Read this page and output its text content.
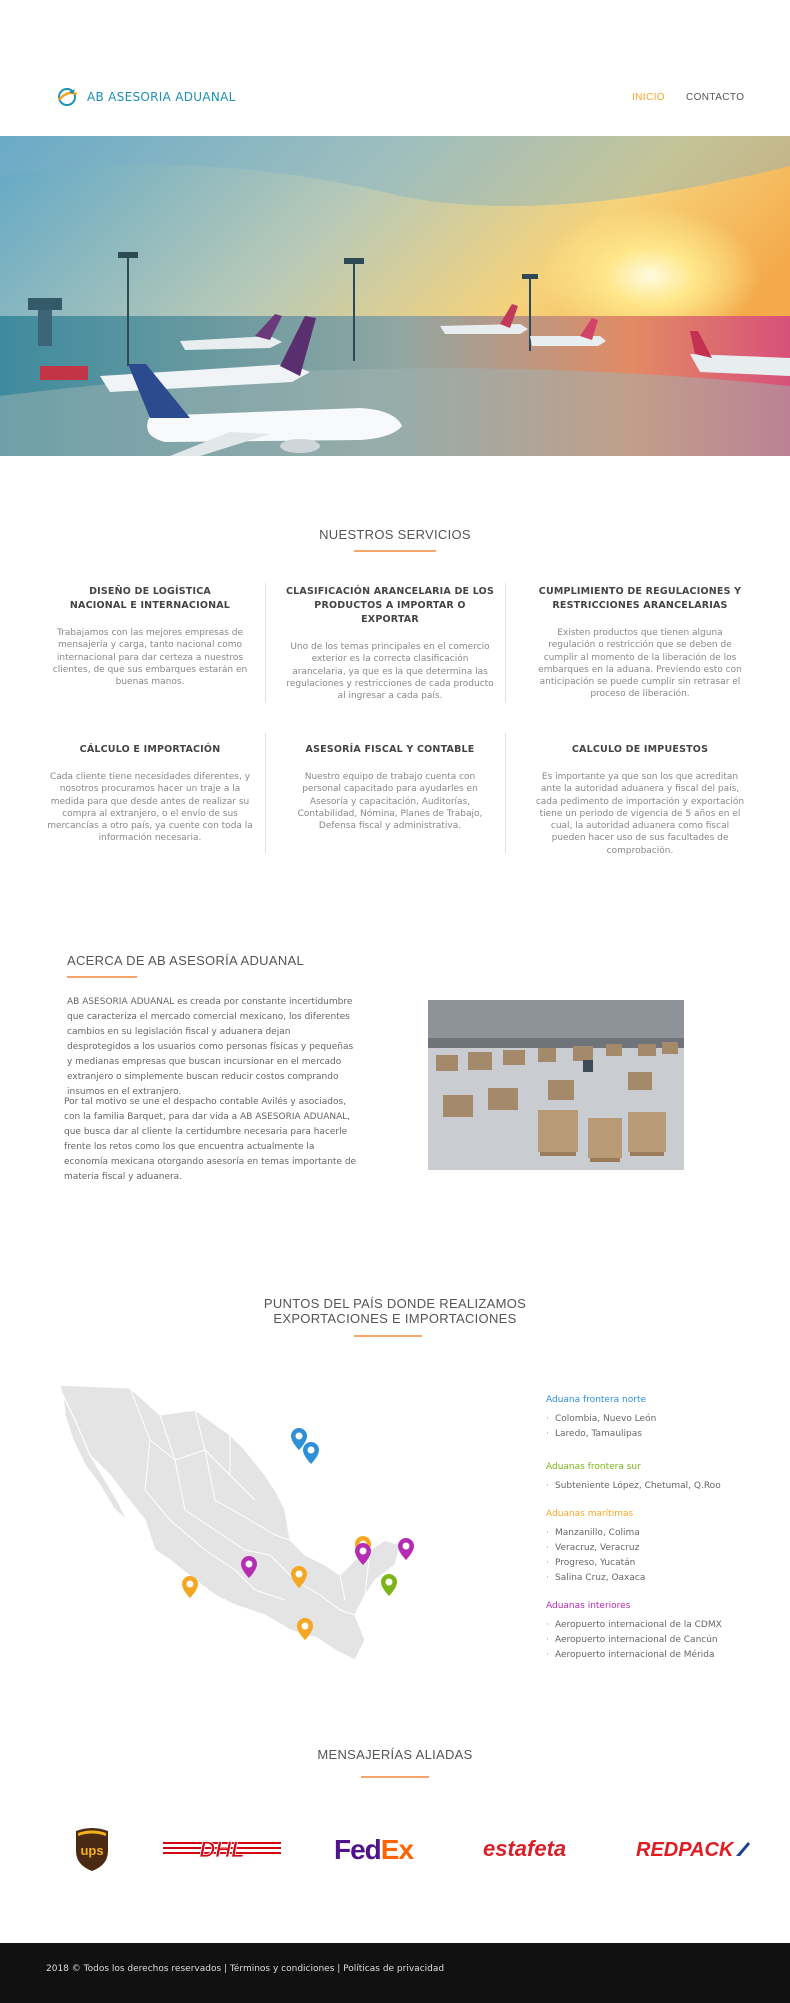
AB ASESORIA ADUANAL	INICIO CONTACTO
NUESTROS SERVICIOS
DISEÑO DE LOGÍSTICA
NACIONAL E INTERNACIONAL
Trabajamos con las mejores empresas de mensajería y carga, tanto nacional como internacional para dar certeza a nuestros clientes, de que sus embarques estarán en buenas manos.
CLASIFICACIÓN ARANCELARIA DE LOS
PRODUCTOS A IMPORTAR O EXPORTAR
Uno de los temas principales en el comercio exterior es la correcta clasificación arancelaria, ya que es la que determina las regulaciones y restricciones de cada producto al ingresar a cada país.
CUMPLIMIENTO DE REGULACIONES Y
RESTRICCIONES ARANCELARIAS
Existen productos que tienen alguna regulación o restricción que se deben de cumplir al momento de la liberación de los embarques en la aduana. Previendo esto con anticipación se puede cumplir sin retrasar el proceso de liberación.
CÁLCULO E IMPORTACIÓN
Cada cliente tiene necesidades diferentes, y nosotros procuramos hacer un traje a la medida para que desde antes de realizar su compra al extranjero, o el envío de sus mercancías a otro país, ya cuente con toda la información necesaria.
ASESORÍA FISCAL Y CONTABLE
Nuestro equipo de trabajo cuenta con personal capacitado para ayudarles en Asesoría y capacitación, Auditorías, Contabilidad, Nómina, Planes de Trabajo, Defensa fiscal y administrativa.
CALCULO DE IMPUESTOS
Es importante ya que son los que acreditan ante la autoridad aduanera y fiscal del país, cada pedimento de importación y exportación tiene un periodo de vigencia de 5 años en el cual, la autoridad aduanera como fiscal pueden hacer uso de sus facultades de comprobación.
ACERCA DE AB ASESORÍA ADUANAL
AB ASESORIA ADUANAL es creada por constante incertidumbre que caracteriza el mercado comercial mexicano, los diferentes cambios en su legislación fiscal y aduanera dejan desprotegidos a los usuarios como personas físicas y pequeñas y medianas empresas que buscan incursionar en el mercado extranjero o simplemente buscan reducir costos comprando insumos en el extranjero.
Por tal motivo se une el despacho contable Avilés y asociados, con la familia Barquet, para dar vida a AB ASESORIA ADUANAL, que busca dar al cliente la certidumbre necesaria para hacerle frente los retos como los que encuentra actualmente la economía mexicana otorgando asesoría en temas importante de materia fiscal y aduanera.
PUNTOS DEL PAÍS DONDE REALIZAMOS
EXPORTACIONES E IMPORTACIONES
Aduana frontera norte
· Colombia, Nuevo León
· Laredo, Tamaulipas
Aduanas frontera sur
· Subteniente López, Chetumal, Q.Roo
Aduanas marítimas
· Manzanillo, Colima
· Veracruz, Veracruz
· Progreso, Yucatán
· Salina Cruz, Oaxaca
Aduanas interiores
· Aeropuerto internacional de la CDMX
· Aeropuerto internacional de Cancún
· Aeropuerto internacional de Mérida
MENSAJERÍAS ALIADAS
ups	DHL	FedEx	estafeta	REDPACK
2018 © Todos los derechos reservados | Términos y condiciones | Políticas de privacidad
